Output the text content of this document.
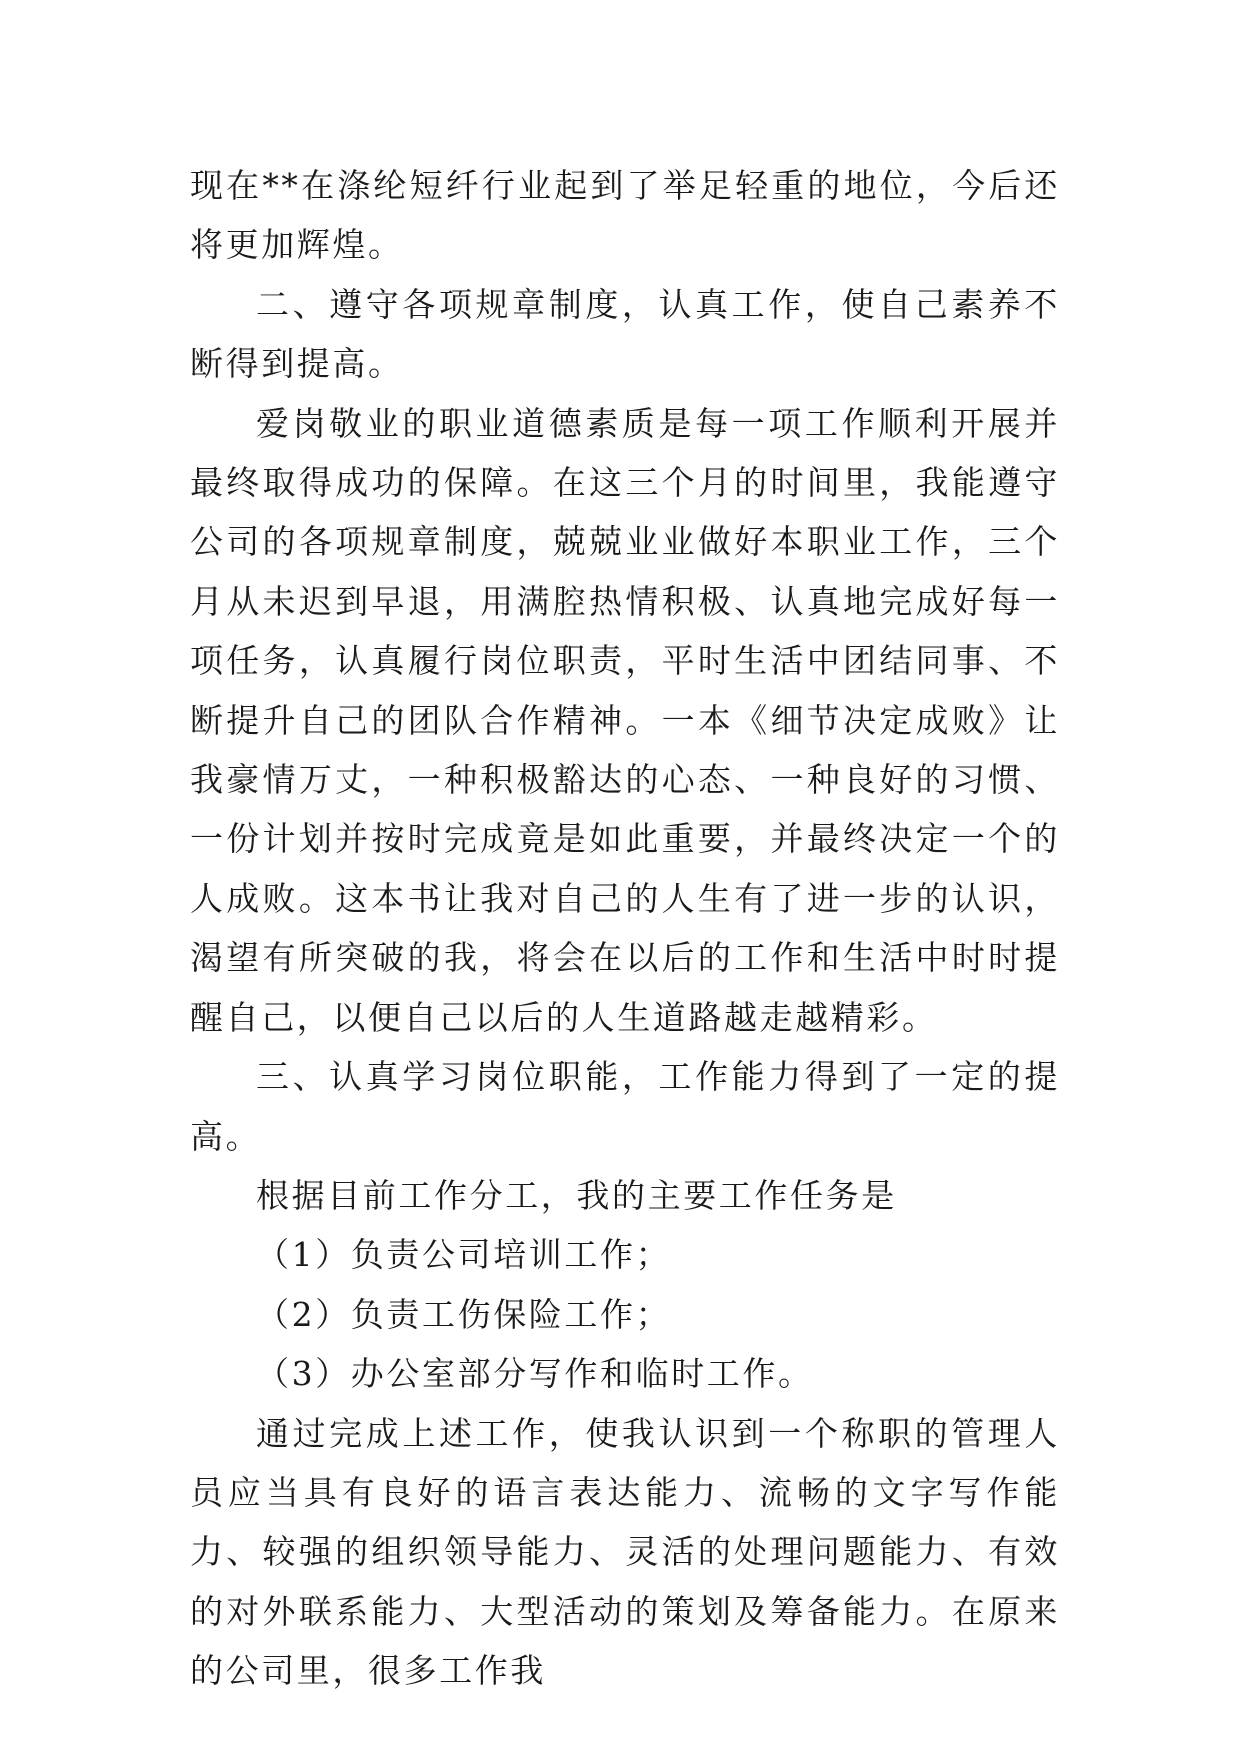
现在**在涤纶短纤行业起到了举足轻重的地位，今后还将更加辉煌。

二、遵守各项规章制度，认真工作，使自己素养不断得到提高。

爱岗敬业的职业道德素质是每一项工作顺利开展并最终取得成功的保障。在这三个月的时间里，我能遵守公司的各项规章制度，兢兢业业做好本职业工作，三个月从未迟到早退，用满腔热情积极、认真地完成好每一项任务，认真履行岗位职责，平时生活中团结同事、不断提升自己的团队合作精神。一本《细节决定成败》让我豪情万丈，一种积极豁达的心态、一种良好的习惯、一份计划并按时完成竟是如此重要，并最终决定一个的人成败。这本书让我对自己的人生有了进一步的认识，渴望有所突破的我，将会在以后的工作和生活中时时提醒自己，以便自己以后的人生道路越走越精彩。

三、认真学习岗位职能，工作能力得到了一定的提高。

根据目前工作分工，我的主要工作任务是

（1）负责公司培训工作；

（2）负责工伤保险工作；

（3）办公室部分写作和临时工作。

通过完成上述工作，使我认识到一个称职的管理人员应当具有良好的语言表达能力、流畅的文字写作能力、较强的组织领导能力、灵活的处理问题能力、有效的对外联系能力、大型活动的策划及筹备能力。在原来的公司里，很多工作我
